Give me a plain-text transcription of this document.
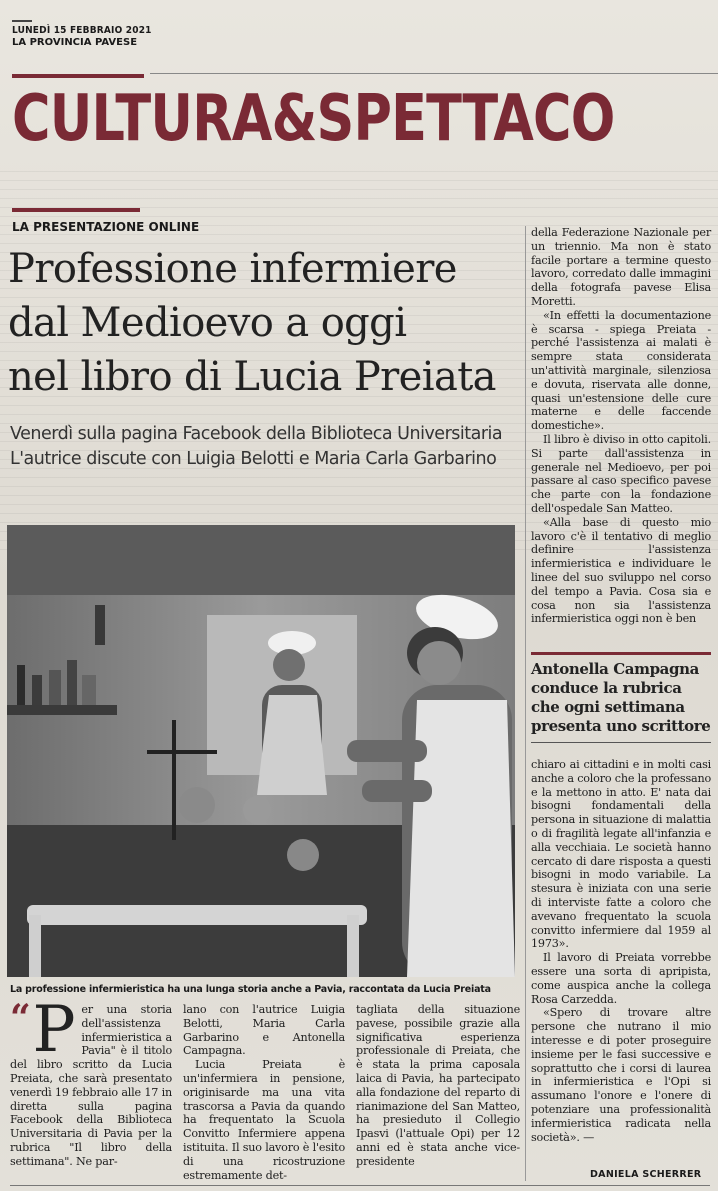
LUNEDÌ 15 FEBBRAIO 2021
LA PROVINCIA PAVESE
CULTURA&SPETTACO
LA PRESENTAZIONE ONLINE
Professione infermiere
dal Medioevo a oggi
nel libro di Lucia Preiata
Venerdì sulla pagina Facebook della Biblioteca Universitaria
L'autrice discute con Luigia Belotti e Maria Carla Garbarino
La professione infermieristica ha una lunga storia anche a Pavia, raccontata da Lucia Preiata
“ P er una storia dell'assistenza infermieristica a Pavia" è il titolo del libro scritto da Lucia Preiata, che sarà presentato venerdì 19 febbraio alle 17 in diretta sulla pagina Facebook della Biblioteca Universitaria di Pavia per la rubrica "Il libro della settimana". Ne par-

lano con l'autrice Luigia Belotti, Maria Carla Garbarino e Antonella Campagna.

Lucia Preiata è un'infermiera in pensione, originisarde ma una vita trascorsa a Pavia da quando ha frequentato la Scuola Convitto Infermiere appena istituita. Il suo lavoro è l'esito di una ricostruzione estremamente det-

tagliata della situazione pavese, possibile grazie alla significativa esperienza professionale di Preiata, che è stata la prima caposala laica di Pavia, ha partecipato alla fondazione del reparto di rianimazione del San Matteo, ha presieduto il Collegio Ipasvi (l'attuale Opi) per 12 anni ed è stata anche vice-presidente

della Federazione Nazionale per un triennio. Ma non è stato facile portare a termine questo lavoro, corredato dalle immagini della fotografa pavese Elisa Moretti.

«In effetti la documentazione è scarsa - spiega Preiata - perché l'assistenza ai malati è sempre stata considerata un'attività marginale, silenziosa e dovuta, riservata alle donne, quasi un'estensione delle cure materne e delle faccende domestiche».

Il libro è diviso in otto capitoli. Si parte dall'assistenza in generale nel Medioevo, per poi passare al caso specifico pavese che parte con la fondazione dell'ospedale San Matteo.

«Alla base di questo mio lavoro c'è il tentativo di meglio definire l'assistenza infermieristica e individuare le linee del suo sviluppo nel corso del tempo a Pavia. Cosa sia e cosa non sia l'assistenza infermieristica oggi non è ben

Antonella Campagna conduce la rubrica che ogni settimana presenta uno scrittore

chiaro ai cittadini e in molti casi anche a coloro che la professano e la mettono in atto. E' nata dai bisogni fondamentali della persona in situazione di malattia o di fragilità legate all'infanzia e alla vecchiaia. Le società hanno cercato di dare risposta a questi bisogni in modo variabile. La stesura è iniziata con una serie di interviste fatte a coloro che avevano frequentato la scuola convitto infermiere dal 1959 al 1973».

Il lavoro di Preiata vorrebbe essere una sorta di apripista, come auspica anche la collega Rosa Carzedda.

«Spero di trovare altre persone che nutrano il mio interesse e di poter proseguire insieme per le fasi successive e soprattutto che i corsi di laurea in infermieristica e l'Opi si assumano l'onore e l'onere di potenziare una professionalità infermieristica radicata nella società». —

DANIELA SCHERRER
